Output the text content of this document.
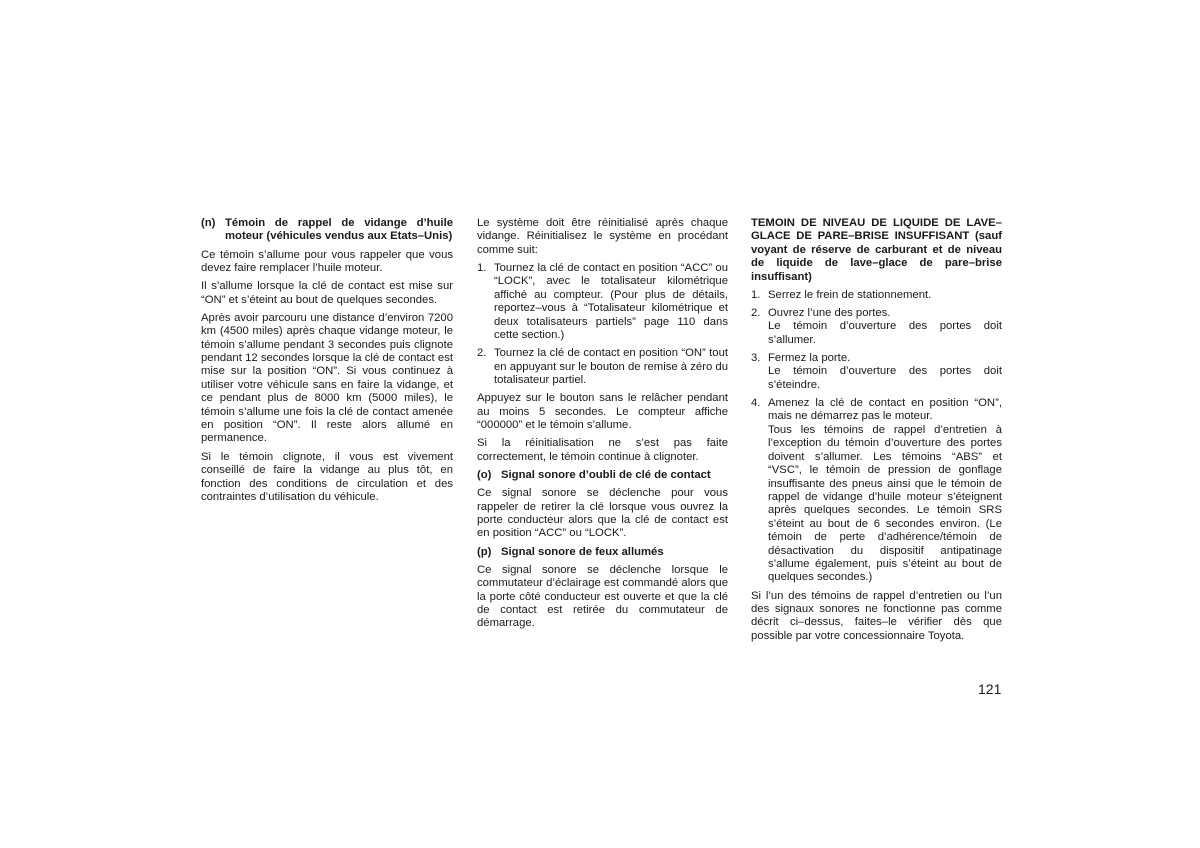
(n) Témoin de rappel de vidange d’huile moteur (véhicules vendus aux Etats–Unis)

Ce témoin s’allume pour vous rappeler que vous devez faire remplacer l’huile moteur.

Il s’allume lorsque la clé de contact est mise sur “ON” et s’éteint au bout de quelques secondes.

Après avoir parcouru une distance d’environ 7200 km (4500 miles) après chaque vidange moteur, le témoin s’allume pendant 3 secondes puis clignote pendant 12 secondes lorsque la clé de contact est mise sur la position “ON”. Si vous continuez à utiliser votre véhicule sans en faire la vidange, et ce pendant plus de 8000 km (5000 miles), le témoin s’allume une fois la clé de contact amenée en position “ON”. Il reste alors allumé en permanence.

Si le témoin clignote, il vous est vivement conseillé de faire la vidange au plus tôt, en fonction des conditions de circulation et des contraintes d’utilisation du véhicule.

Le système doit être réinitialisé après chaque vidange. Réinitialisez le système en procédant comme suit:

1. Tournez la clé de contact en position “ACC” ou “LOCK”, avec le totalisateur kilométrique affiché au compteur. (Pour plus de détails, reportez–vous à “Totalisateur kilométrique et deux totalisateurs partiels” page 110 dans cette section.)
2. Tournez la clé de contact en position “ON” tout en appuyant sur le bouton de remise à zéro du totalisateur partiel.

Appuyez sur le bouton sans le relâcher pendant au moins 5 secondes. Le compteur affiche “000000” et le témoin s’allume.

Si la réinitialisation ne s’est pas faite correctement, le témoin continue à clignoter.

(o) Signal sonore d’oubli de clé de contact

Ce signal sonore se déclenche pour vous rappeler de retirer la clé lorsque vous ouvrez la porte conducteur alors que la clé de contact est en position “ACC” ou “LOCK”.

(p) Signal sonore de feux allumés

Ce signal sonore se déclenche lorsque le commutateur d’éclairage est commandé alors que la porte côté conducteur est ouverte et que la clé de contact est retirée du commutateur de démarrage.

TEMOIN DE NIVEAU DE LIQUIDE DE LAVE–GLACE DE PARE–BRISE INSUFFISANT (sauf voyant de réserve de carburant et de niveau de liquide de lave–glace de pare–brise insuffisant)
1. Serrez le frein de stationnement.
2. Ouvrez l’une des portes.
Le témoin d’ouverture des portes doit s’allumer.
3. Fermez la porte.
Le témoin d’ouverture des portes doit s’éteindre.
4. Amenez la clé de contact en position “ON”, mais ne démarrez pas le moteur.
Tous les témoins de rappel d’entretien à l’exception du témoin d’ouverture des portes doivent s’allumer. Les témoins “ABS” et “VSC”, le témoin de pression de gonflage insuffisante des pneus ainsi que le témoin de rappel de vidange d’huile moteur s’éteignent après quelques secondes. Le témoin SRS s’éteint au bout de 6 secondes environ. (Le témoin de perte d’adhérence/témoin de désactivation du dispositif antipatinage s’allume également, puis s’éteint au bout de quelques secondes.)

Si l’un des témoins de rappel d’entretien ou l’un des signaux sonores ne fonctionne pas comme décrit ci–dessus, faites–le vérifier dès que possible par votre concessionnaire Toyota.

121
